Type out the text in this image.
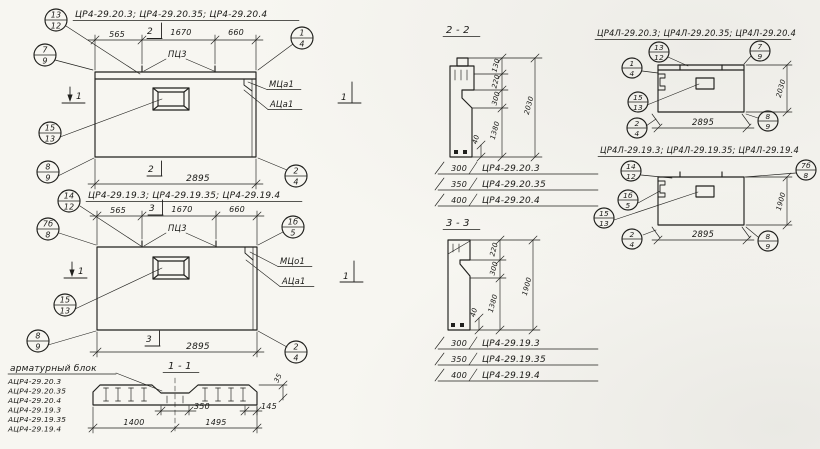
ЦР4-29.20.3; ЦР4-29.20.35; ЦР4-29.20.4
565	1670	660
2
2
1	1
ПЦ3
МЦа1
АЦа1
2895
13
12
7
9
1
4
15
13
8
9
2
4
ЦР4-29.19.3; ЦР4-29.19.35; ЦР4-29.19.4
565	1670	660
3
3
1	1
ПЦ3
МЦо1
АЦа1
2895
14
12
7б
8
1б
5
15
13
8
9	2
4
арматурный блок
АЦР4-29.20.3
АЦР4-29.20.35
АЦР4-29.20.4
АЦР4-29.19.3
АЦР4-29.19.35
АЦР4-29.19.4
1 - 1
350	145
35
1400	1495
2 - 2
130
220
300
1380
2030
40
300 ЦР4-29.20.3
350 ЦР4-29.20.35
400 ЦР4-29.20.4
3 - 3
220
300
1380
1900
40
300 ЦР4-29.19.3
350 ЦР4-29.19.35
400 ЦР4-29.19.4
ЦР4Л-29.20.3; ЦР4Л-29.20.35; ЦР4Л-29.20.4
2895
2030
13
12
7
9
1
4
15
13
2
4
8
9
ЦР4Л-29.19.3; ЦР4Л-29.19.35; ЦР4Л-29.19.4
2895
1900
14
12
7б
8
1б
5
15
13
2
4
8
9
